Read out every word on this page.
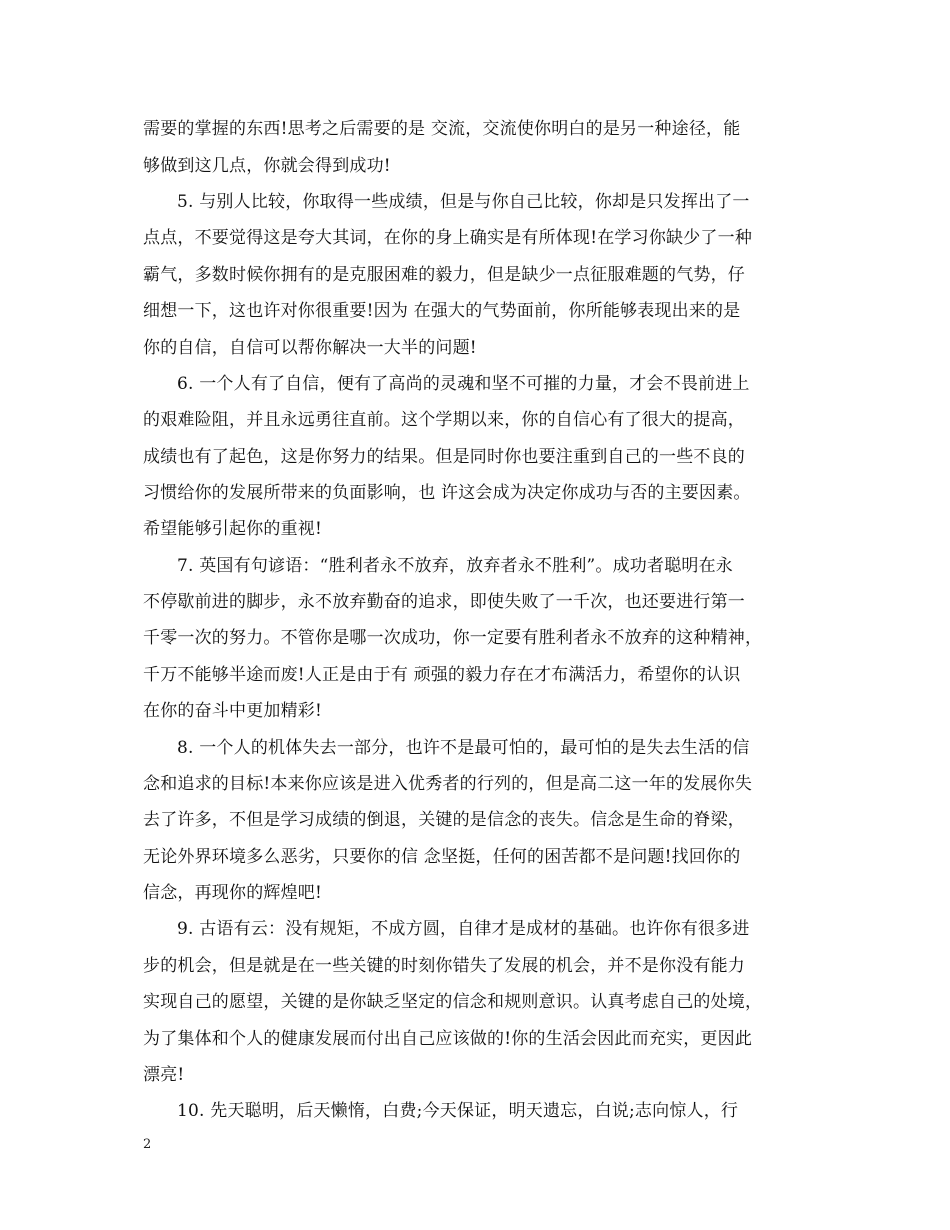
需要的掌握的东西!思考之后需要的是 交流，交流使你明白的是另一种途径，能
够做到这几点，你就会得到成功!
5. 与别人比较，你取得一些成绩，但是与你自己比较，你却是只发挥出了一
点点，不要觉得这是夸大其词，在你的身上确实是有所体现!在学习你缺少了一种
霸气，多数时候你拥有的是克服困难的毅力，但是缺少一点征服难题的气势，仔
细想一下，这也许对你很重要!因为 在强大的气势面前，你所能够表现出来的是
你的自信，自信可以帮你解决一大半的问题!
6. 一个人有了自信，便有了高尚的灵魂和坚不可摧的力量，才会不畏前进上
的艰难险阻，并且永远勇往直前。这个学期以来，你的自信心有了很大的提高，
成绩也有了起色，这是你努力的结果。但是同时你也要注重到自己的一些不良的
习惯给你的发展所带来的负面影响，也 许这会成为决定你成功与否的主要因素。
希望能够引起你的重视!
7. 英国有句谚语：“胜利者永不放弃，放弃者永不胜利”。成功者聪明在永
不停歇前进的脚步，永不放弃勤奋的追求，即使失败了一千次，也还要进行第一
千零一次的努力。不管你是哪一次成功，你一定要有胜利者永不放弃的这种精神，
千万不能够半途而废!人正是由于有 顽强的毅力存在才布满活力，希望你的认识
在你的奋斗中更加精彩!
8. 一个人的机体失去一部分，也许不是最可怕的，最可怕的是失去生活的信
念和追求的目标!本来你应该是进入优秀者的行列的，但是高二这一年的发展你失
去了许多，不但是学习成绩的倒退，关键的是信念的丧失。信念是生命的脊梁，
无论外界环境多么恶劣，只要你的信 念坚挺，任何的困苦都不是问题!找回你的
信念，再现你的辉煌吧!
9. 古语有云：没有规矩，不成方圆，自律才是成材的基础。也许你有很多进
步的机会，但是就是在一些关键的时刻你错失了发展的机会，并不是你没有能力
实现自己的愿望，关键的是你缺乏坚定的信念和规则意识。认真考虑自己的处境，
为了集体和个人的健康发展而付出自己应该做的!你的生活会因此而充实，更因此
漂亮!
10. 先天聪明，后天懒惰，白费;今天保证，明天遗忘，白说;志向惊人，行
2
